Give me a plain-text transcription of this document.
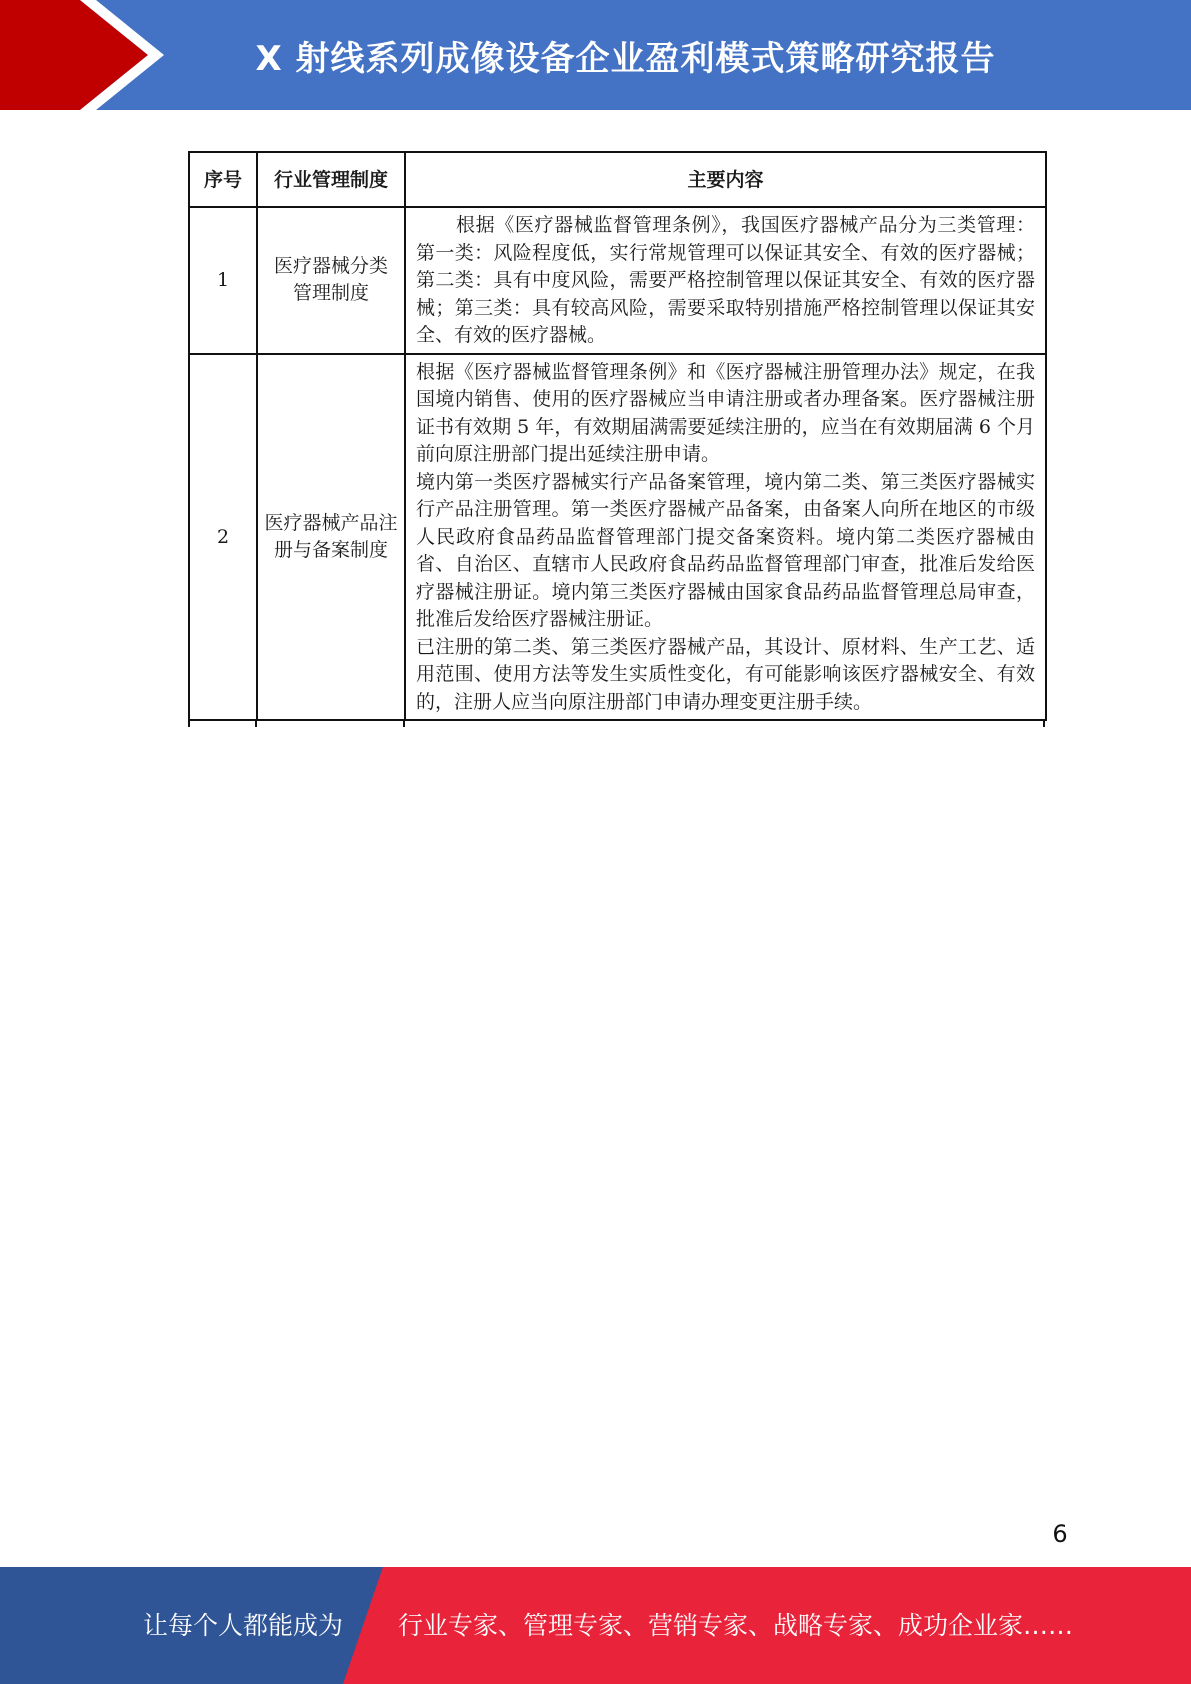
X 射线系列成像设备企业盈利模式策略研究报告
序号	行业管理制度	主要内容
1	医疗器械分类管理制度	根据《医疗器械监督管理条例》，我国医疗器械产品分为三类管理：第一类：风险程度低，实行常规管理可以保证其安全、有效的医疗器械；第二类：具有中度风险，需要严格控制管理以保证其安全、有效的医疗器械；第三类：具有较高风险，需要采取特别措施严格控制管理以保证其安全、有效的医疗器械。

2	医疗器械产品注册与备案制度	根据《医疗器械监督管理条例》和《医疗器械注册管理办法》规定，在我国境内销售、使用的医疗器械应当申请注册或者办理备案。医疗器械注册证书有效期 5 年，有效期届满需要延续注册的，应当在有效期届满 6 个月前向原注册部门提出延续注册申请。

境内第一类医疗器械实行产品备案管理，境内第二类、第三类医疗器械实行产品注册管理。第一类医疗器械产品备案，由备案人向所在地区的市级人民政府食品药品监督管理部门提交备案资料。境内第二类医疗器械由省、自治区、直辖市人民政府食品药品监督管理部门审查，批准后发给医疗器械注册证。境内第三类医疗器械由国家食品药品监督管理总局审查，批准后发给医疗器械注册证。

已注册的第二类、第三类医疗器械产品，其设计、原材料、生产工艺、适用范围、使用方法等发生实质性变化，有可能影响该医疗器械安全、有效的，注册人应当向原注册部门申请办理变更注册手续。

6
让每个人都能成为 行业专家、管理专家、营销专家、战略专家、成功企业家……
